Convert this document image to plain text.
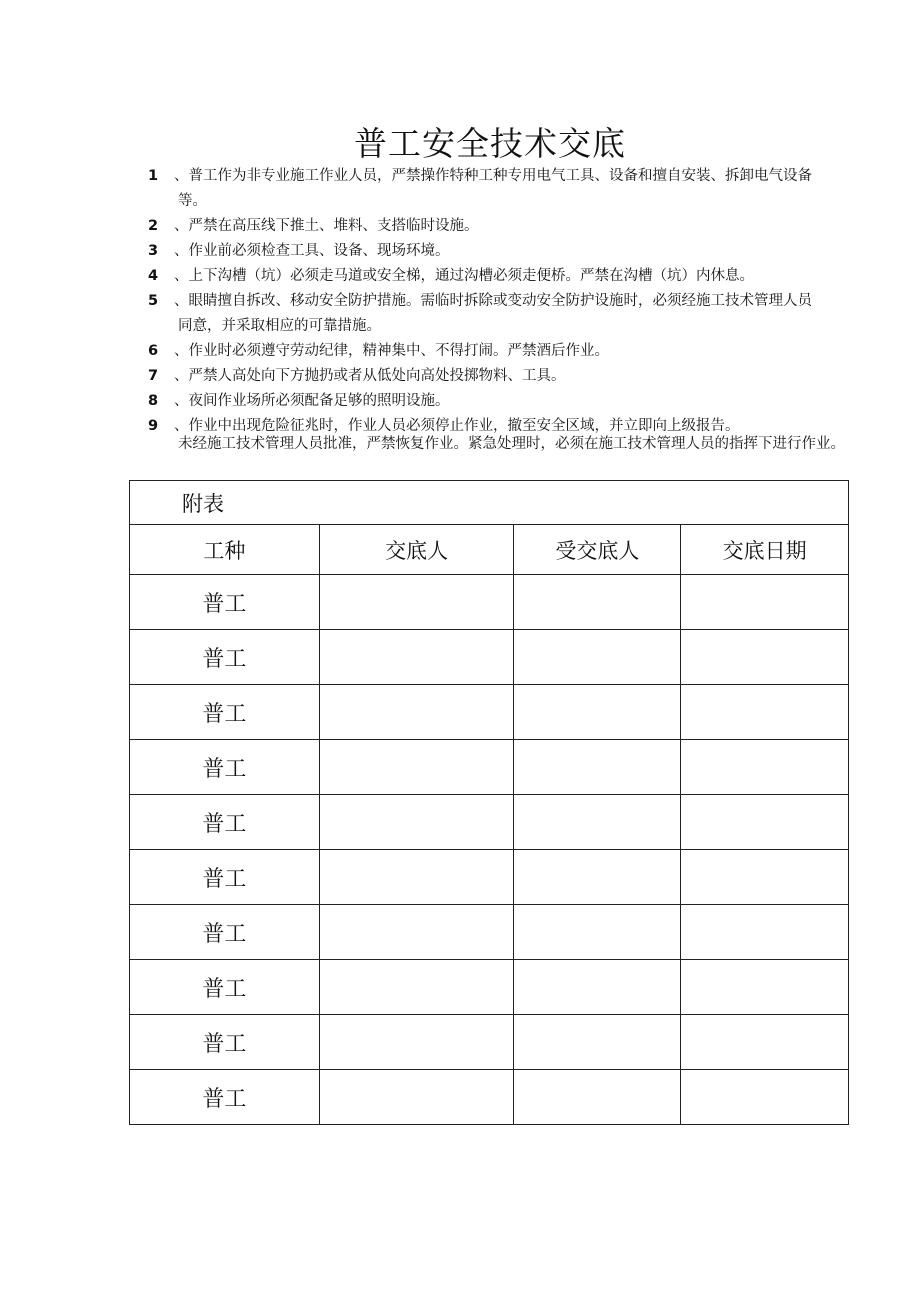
普工安全技术交底
1	、普工作为非专业施工作业人员，严禁操作特种工种专用电气工具、设备和擅自安装、拆卸电气设备
等。
2	、严禁在高压线下推土、堆料、支搭临时设施。
3	、作业前必须检查工具、设备、现场环境。
4	、上下沟槽（坑）必须走马道或安全梯，通过沟槽必须走便桥。严禁在沟槽（坑）内休息。
5	、眼睛擅自拆改、移动安全防护措施。需临时拆除或变动安全防护设施时，必须经施工技术管理人员
同意，并采取相应的可靠措施。
6	、作业时必须遵守劳动纪律，精神集中、不得打闹。严禁酒后作业。
7	、严禁人高处向下方抛扔或者从低处向高处投掷物料、工具。
8	、夜间作业场所必须配备足够的照明设施。
9	、作业中出现危险征兆时，作业人员必须停止作业，撤至安全区域，并立即向上级报告。
未经施工技术管理人员批准，严禁恢复作业。紧急处理时，必须在施工技术管理人员的指挥下进行作业。
附表			
工种	交底人	受交底人	交底日期
普工			
普工			
普工			
普工			
普工			
普工			
普工			
普工			
普工			
普工			
